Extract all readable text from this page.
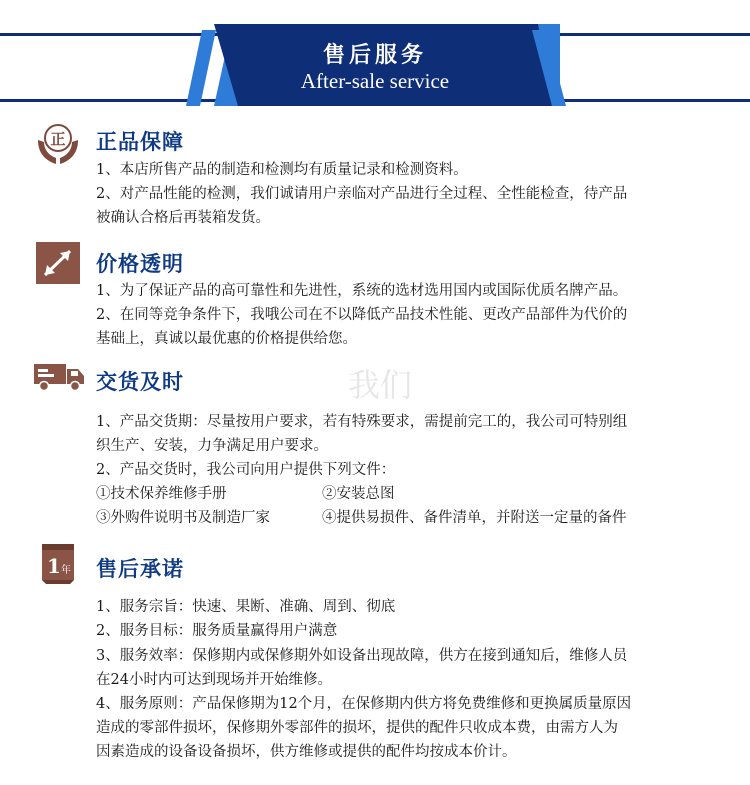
售后服务
After-sale service
正 正品保障
1、本店所售产品的制造和检测均有质量记录和检测资料。
2、对产品性能的检测，我们诚请用户亲临对产品进行全过程、全性能检查，待产品
被确认合格后再装箱发货。
价格透明
1、为了保证产品的高可靠性和先进性，系统的选材选用国内或国际优质名牌产品。
2、在同等竞争条件下，我哦公司在不以降低产品技术性能、更改产品部件为代价的
基础上，真诚以最优惠的价格提供给您。
我们
交货及时
1、产品交货期：尽量按用户要求，若有特殊要求，需提前完工的，我公司可特别组
织生产、安装，力争满足用户要求。
2、产品交货时，我公司向用户提供下列文件：
①技术保养维修手册	②安装总图
③外购件说明书及制造厂家	④提供易损件、备件清单，并附送一定量的备件
1 年 售后承诺
1、服务宗旨：快速、果断、准确、周到、彻底
2、服务目标：服务质量赢得用户满意
3、服务效率：保修期内或保修期外如设备出现故障，供方在接到通知后，维修人员
在24小时内可达到现场并开始维修。
4、服务原则：产品保修期为12个月，在保修期内供方将免费维修和更换属质量原因
造成的零部件损坏，保修期外零部件的损坏，提供的配件只收成本费，由需方人为
因素造成的设备设备损坏，供方维修或提供的配件均按成本价计。
